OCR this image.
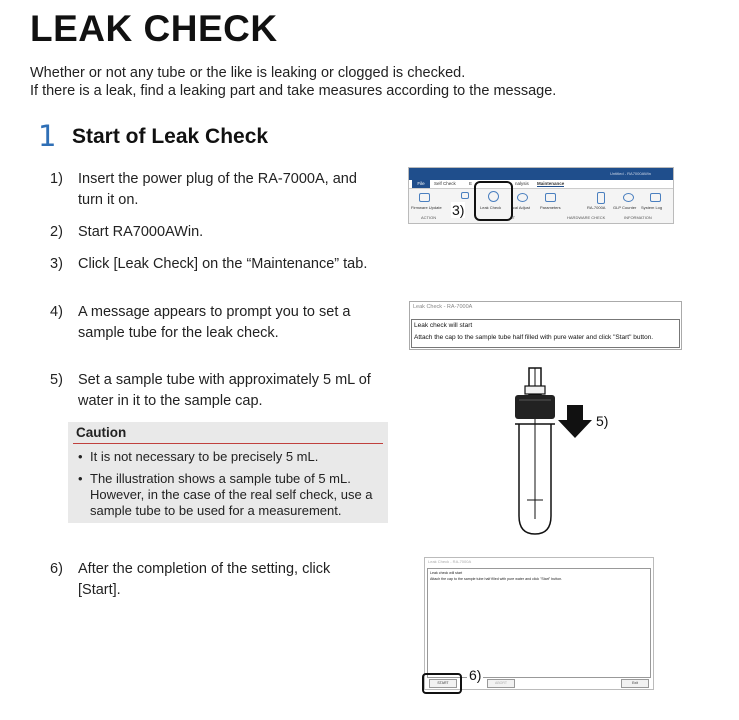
LEAK CHECK
Whether or not any tube or the like is leaking or clogged is checked.
If there is a leak, find a leaking part and take measures according to the message.
1 Start of Leak Check
1) Insert the power plug of the RA-7000A, and turn it on.
2) Start RA7000AWin.
3) Click [Leak Check] on the “Maintenance” tab.
4) A message appears to prompt you to set a sample tube for the leak check.
5) Set a sample tube with approximately 5 mL of water in it to the sample cap.
Caution
• It is not necessary to be precisely 5 mL.
• The illustration shows a sample tube of 5 mL. However, in the case of the real self check, use a sample tube to be used for a measurement.
6) After the completion of the setting, click [Start].
Untitled - RA7000AWin
File	Self Check	E	nalysis Maintenance
Firmware Update	Leak Check	ical Adjust Parameters	RA-7000A GLP Counter System Log
ACTION	ST	HARDWARE CHECK	INFORMATION
3)
Leak Check - RA-7000A
Leak check will start
Attach the cap to the sample tube half filled with pure water and click "Start" button.
5)
Leak Check - RA-7000A
Leak check will start
Attach the cap to the sample tube half filled with pure water and click "Start" button.
START	ABORT	Exit
6)
